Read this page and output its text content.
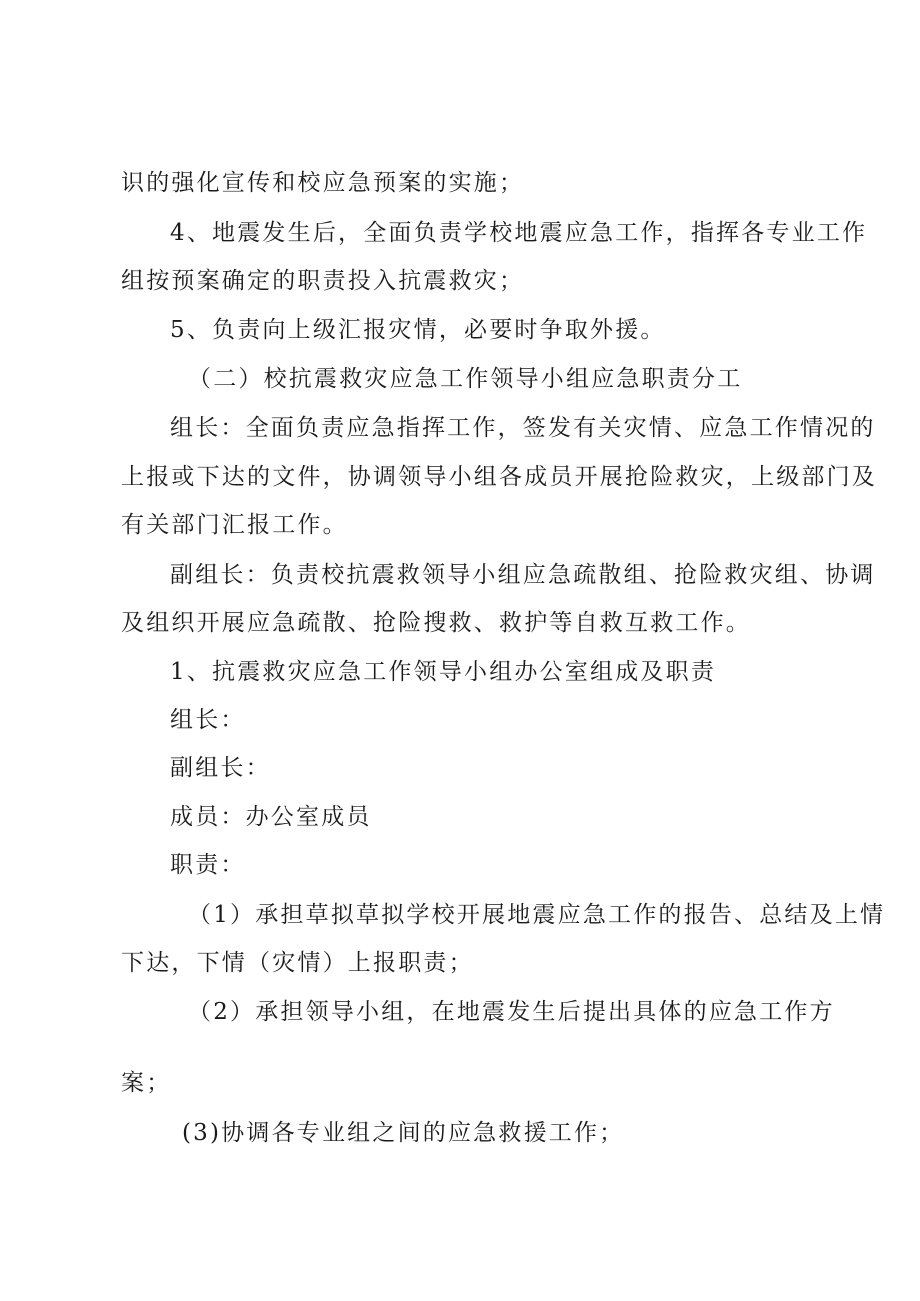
识的强化宣传和校应急预案的实施；
4、地震发生后，全面负责学校地震应急工作，指挥各专业工作
组按预案确定的职责投入抗震救灾；
5、负责向上级汇报灾情，必要时争取外援。
（二）校抗震救灾应急工作领导小组应急职责分工
组长：全面负责应急指挥工作，签发有关灾情、应急工作情况的
上报或下达的文件，协调领导小组各成员开展抢险救灾，上级部门及
有关部门汇报工作。
副组长：负责校抗震救领导小组应急疏散组、抢险救灾组、协调
及组织开展应急疏散、抢险搜救、救护等自救互救工作。
1、抗震救灾应急工作领导小组办公室组成及职责
组长：
副组长：
成员：办公室成员
职责：
（1）承担草拟草拟学校开展地震应急工作的报告、总结及上情
下达，下情（灾情）上报职责；
（2）承担领导小组，在地震发生后提出具体的应急工作方
案；
(3)协调各专业组之间的应急救援工作；
